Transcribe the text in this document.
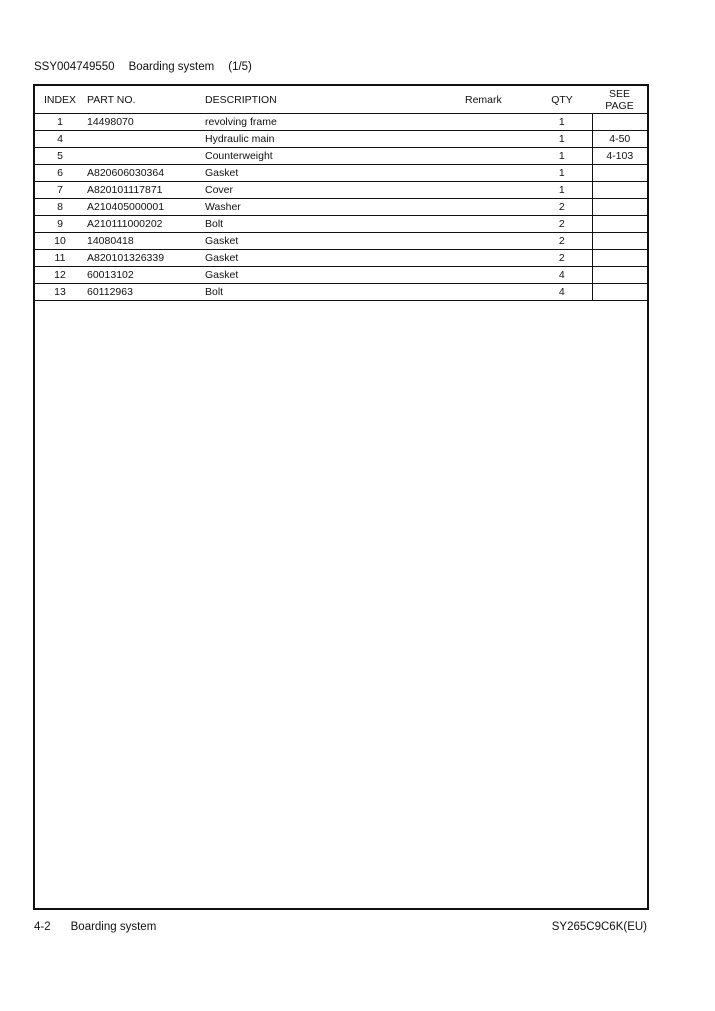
SSY004749550 Boarding system (1/5)
INDEX	PART NO.	DESCRIPTION	Remark	QTY	SEE
PAGE
1	14498070	revolving frame		1	
4		Hydraulic main		1	4-50
5		Counterweight		1	4-103
6	A820606030364	Gasket		1	
7	A820101117871	Cover		1	
8	A210405000001	Washer		2	
9	A210111000202	Bolt		2	
10	14080418	Gasket		2	
11	A820101326339	Gasket		2	
12	60013102	Gasket		4	
13	60112963	Bolt		4	
4-2 Boarding system	SY265C9C6K(EU)
